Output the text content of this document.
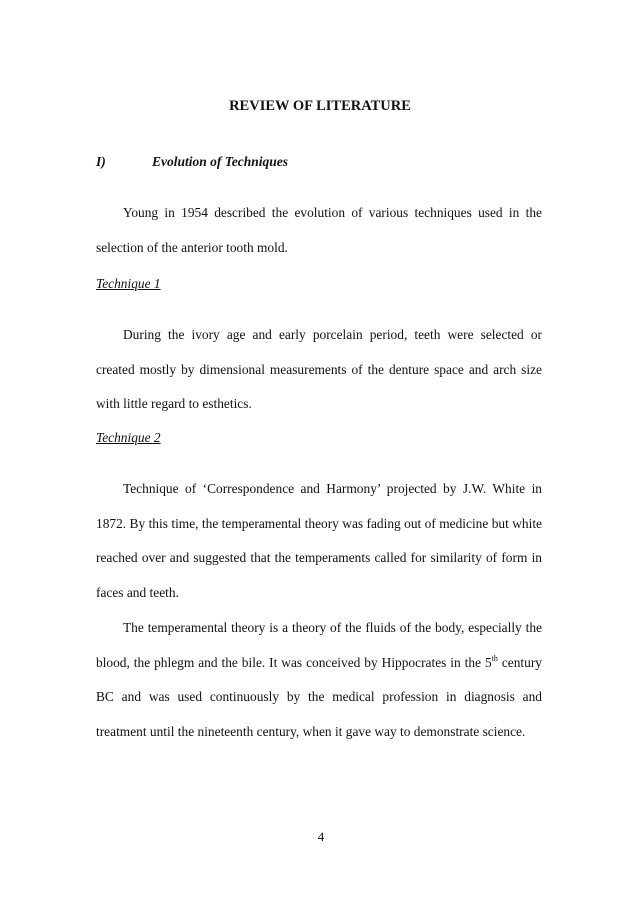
REVIEW OF LITERATURE
I)	Evolution of Techniques

Young in 1954 described the evolution of various techniques used in the selection of the anterior tooth mold.

Technique 1

During the ivory age and early porcelain period, teeth were selected or created mostly by dimensional measurements of the denture space and arch size with little regard to esthetics.

Technique 2

Technique of ‘Correspondence and Harmony’ projected by J.W. White in 1872. By this time, the temperamental theory was fading out of medicine but white reached over and suggested that the temperaments called for similarity of form in faces and teeth.

The temperamental theory is a theory of the fluids of the body, especially the blood, the phlegm and the bile. It was conceived by Hippocrates in the 5th century BC and was used continuously by the medical profession in diagnosis and treatment until the nineteenth century, when it gave way to demonstrate science.

4
